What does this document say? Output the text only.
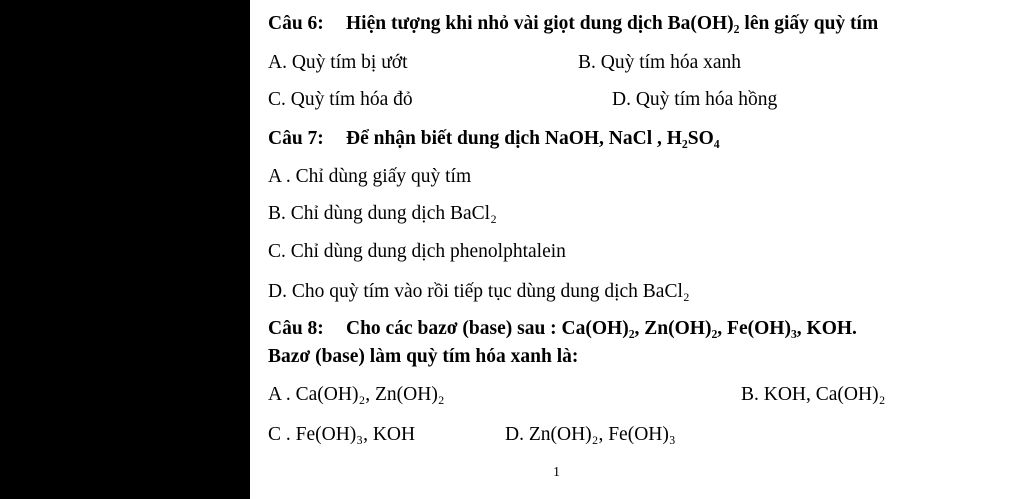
Câu 6: Hiện tượng khi nhỏ vài giọt dung dịch Ba(OH)₂ lên giấy quỳ tím
A. Quỳ tím bị ướt	B. Quỳ tím hóa xanh
C. Quỳ tím hóa đỏ	D. Quỳ tím hóa hồng
Câu 7: Để nhận biết dung dịch NaOH, NaCl , H₂SO₄
A . Chỉ dùng giấy quỳ tím
B. Chỉ dùng dung dịch BaCl₂
C. Chỉ dùng dung dịch phenolphtalein
D. Cho quỳ tím vào rồi tiếp tục dùng dung dịch BaCl₂
Câu 8: Cho các bazơ (base) sau : Ca(OH)₂, Zn(OH)₂, Fe(OH)₃, KOH.
Bazơ (base) làm quỳ tím hóa xanh là:
A . Ca(OH)₂, Zn(OH)₂	B. KOH, Ca(OH)₂
C . Fe(OH)₃, KOH	D. Zn(OH)₂, Fe(OH)₃
1
